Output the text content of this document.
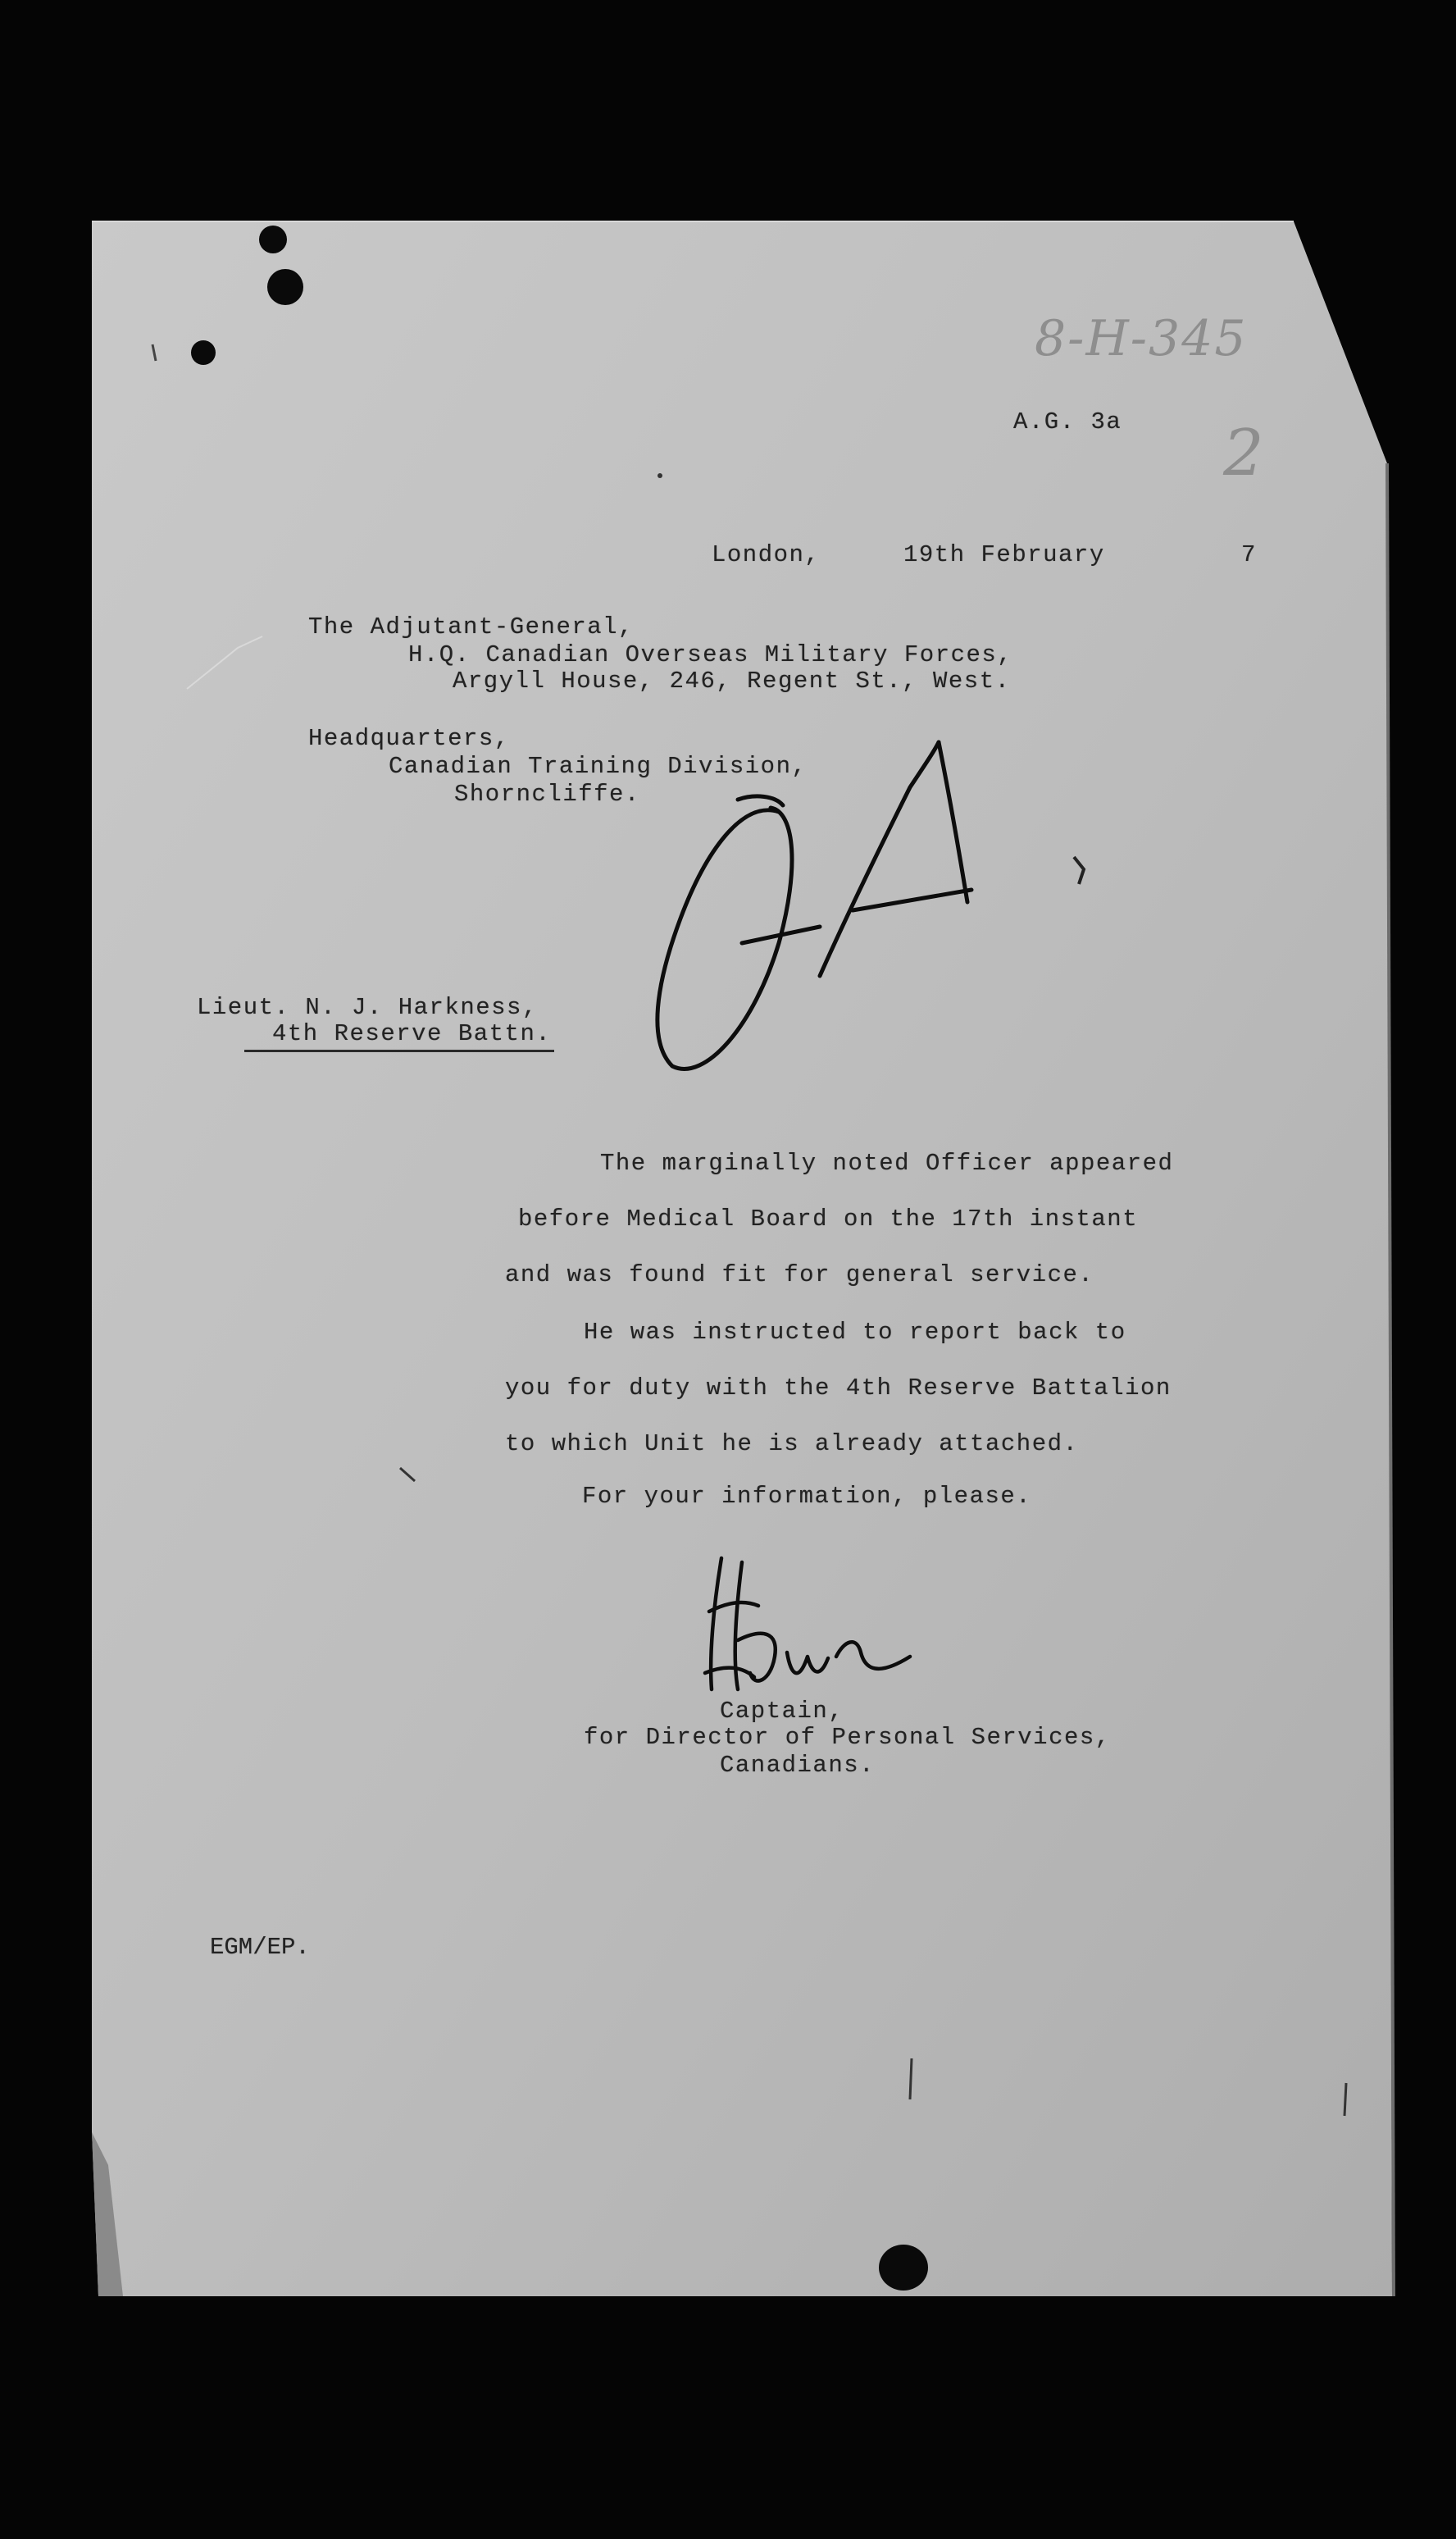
8-H-345
2
A.G. 3a
London,	19th February	7
The Adjutant-General,
H.Q. Canadian Overseas Military Forces,
Argyll House, 246, Regent St., West.
Headquarters,
Canadian Training Division,
Shorncliffe.
Lieut. N. J. Harkness,
4th Reserve Battn.
The marginally noted Officer appeared
before Medical Board on the 17th instant
and was found fit for general service.
He was instructed to report back to
you for duty with the 4th Reserve Battalion
to which Unit he is already attached.
For your information, please.
Captain,
for Director of Personal Services,
Canadians.
EGM/EP.
